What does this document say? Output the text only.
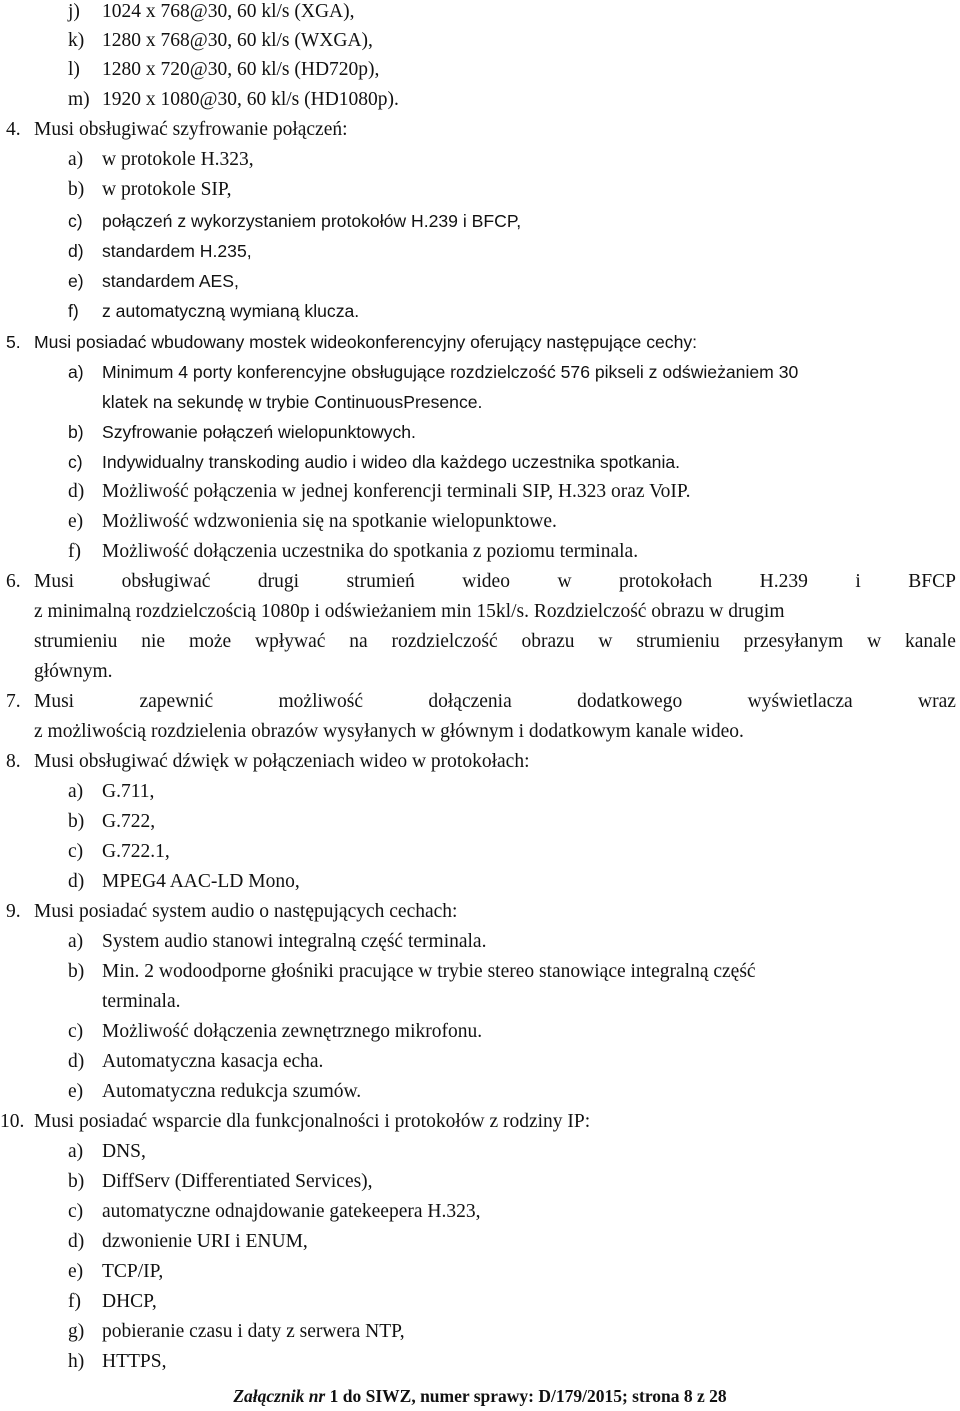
j) 1024 x 768@30, 60 kl/s (XGA),
k) 1280 x 768@30, 60 kl/s (WXGA),
l) 1280 x 720@30, 60 kl/s (HD720p),
m) 1920 x 1080@30, 60 kl/s (HD1080p).
4. Musi obsługiwać szyfrowanie połączeń:
a) w protokole H.323,
b) w protokole SIP,
c) połączeń z wykorzystaniem protokołów H.239 i BFCP,
d) standardem H.235,
e) standardem AES,
f) z automatyczną wymianą klucza.
5. Musi posiadać wbudowany mostek wideokonferencyjny oferujący następujące cechy:
a) Minimum 4 porty konferencyjne obsługujące rozdzielczość 576 pikseli z odświeżaniem 30
klatek na sekundę w trybie ContinuousPresence.
b) Szyfrowanie połączeń wielopunktowych.
c) Indywidualny transkoding audio i wideo dla każdego uczestnika spotkania.
d) Możliwość połączenia w jednej konferencji terminali SIP, H.323 oraz VoIP.
e) Możliwość wdzwonienia się na spotkanie wielopunktowe.
f) Możliwość dołączenia uczestnika do spotkania z poziomu terminala.
6. Musi obsługiwać drugi strumień wideo w protokołach H.239 i BFCP
z minimalną rozdzielczością 1080p i odświeżaniem min 15kl/s. Rozdzielczość obrazu w drugim
strumieniu nie może wpływać na rozdzielczość obrazu w strumieniu przesyłanym w kanale
głównym.
7. Musi	zapewnić	możliwość	dołączenia	dodatkowego	wyświetlacza	wraz
z możliwością rozdzielenia obrazów wysyłanych w głównym i dodatkowym kanale wideo.
8. Musi obsługiwać dźwięk w połączeniach wideo w protokołach:
a) G.711,
b) G.722,
c) G.722.1,
d) MPEG4 AAC-LD Mono,
9. Musi posiadać system audio o następujących cechach:
a) System audio stanowi integralną część terminala.
b) Min. 2 wodoodporne głośniki pracujące w trybie stereo stanowiące integralną część
terminala.
c) Możliwość dołączenia zewnętrznego mikrofonu.
d) Automatyczna kasacja echa.
e) Automatyczna redukcja szumów.
10. Musi posiadać wsparcie dla funkcjonalności i protokołów z rodziny IP:
a) DNS,
b) DiffServ (Differentiated Services),
c) automatyczne odnajdowanie gatekeepera H.323,
d) dzwonienie URI i ENUM,
e) TCP/IP,
f) DHCP,
g) pobieranie czasu i daty z serwera NTP,
h) HTTPS,
Załącznik nr 1 do SIWZ, numer sprawy: D/179/2015; strona 8 z 28
